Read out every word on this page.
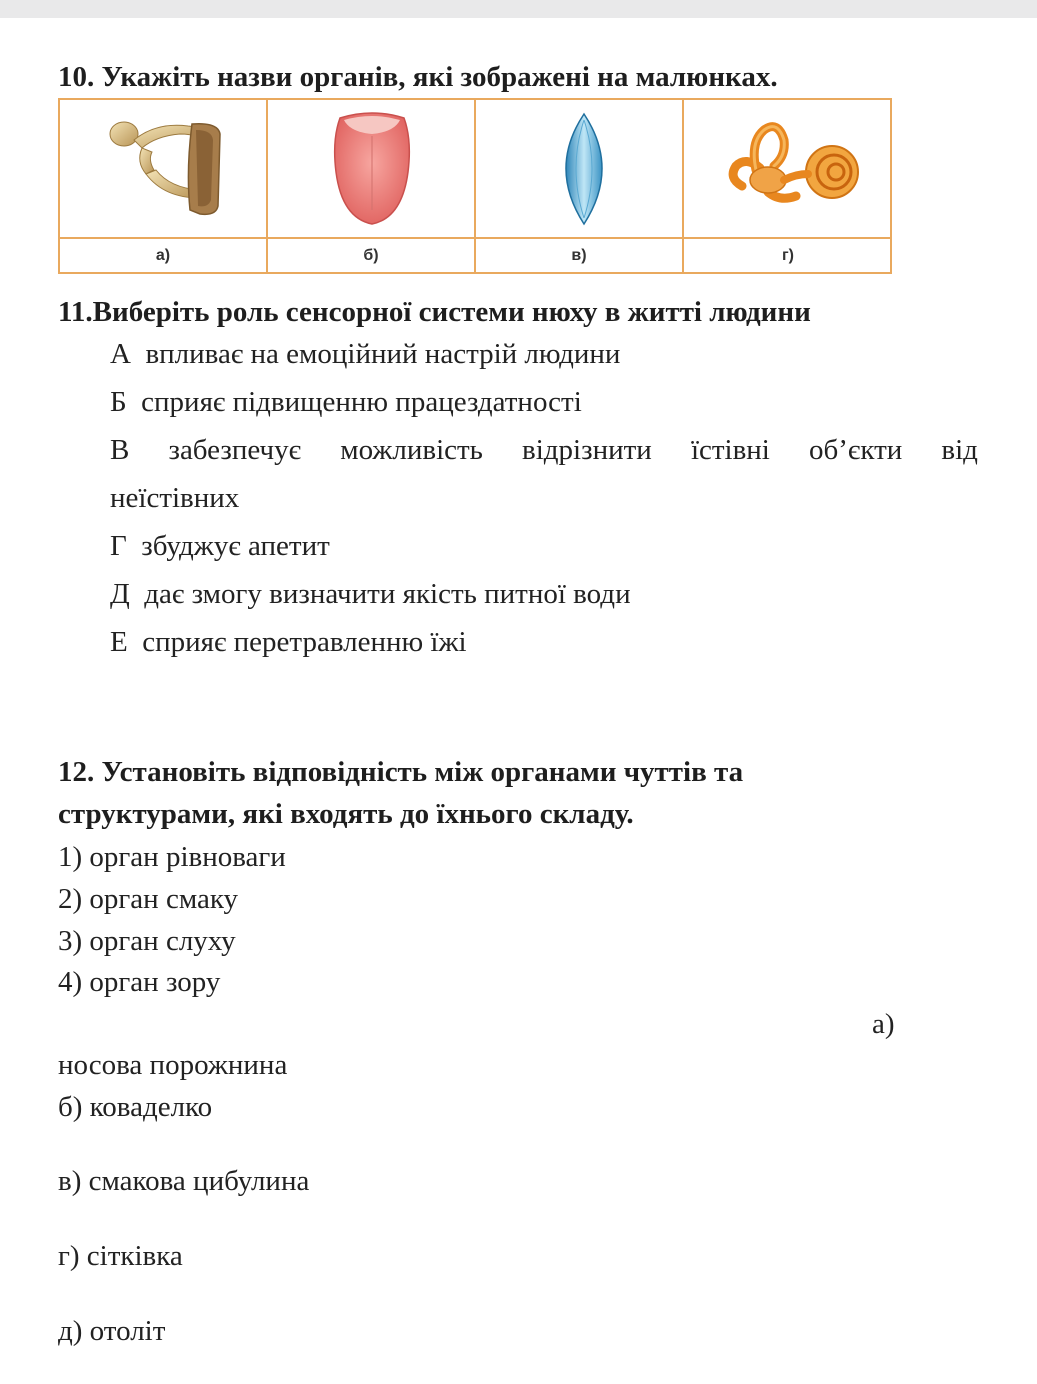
10. Укажіть назви органів, які зображені на малюнках.
а)	б)	в)	г)
11.Виберіть роль сенсорної системи нюху в житті людини
А впливає на емоційний настрій людини
Б сприяє підвищенню працездатності
В забезпечує можливість відрізнити їстівні об’єкти від
неїстівних
Г збуджує апетит
Д дає змогу визначити якість питної води
Е сприяє перетравленню їжі
12. Установіть відповідність між органами чуттів та
структурами, які входять до їхнього складу.
1) орган рівноваги
2) орган смаку
3) орган слуху
4) орган зору
а)
носова порожнина
б) коваделко
в) смакова цибулина
г) сітківка
д) отоліт
